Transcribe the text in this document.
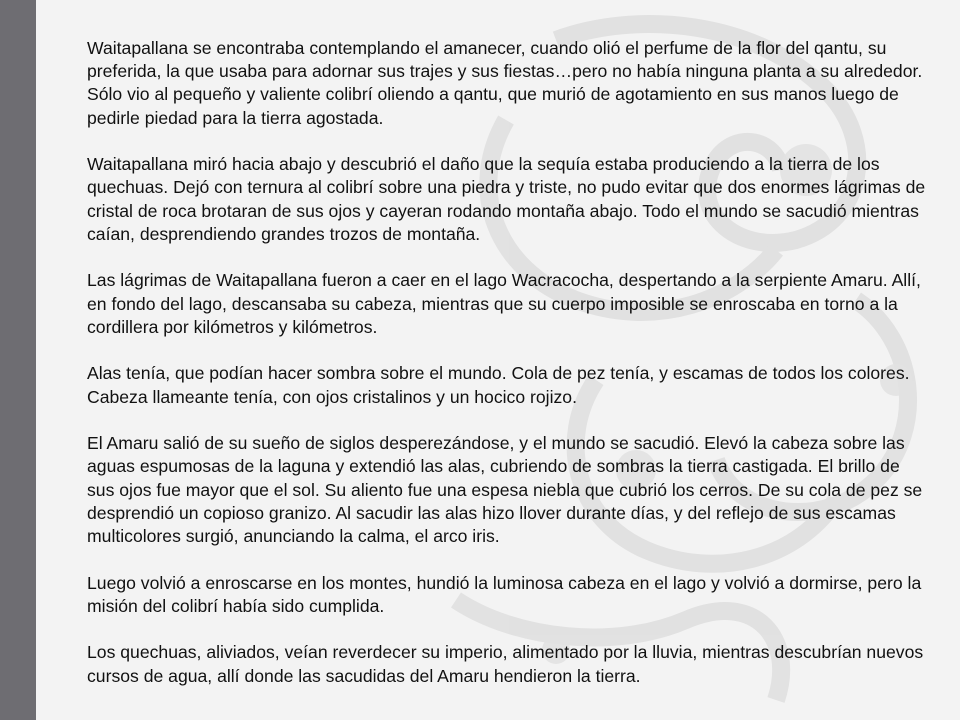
Waitapallana se encontraba contemplando el amanecer, cuando olió el perfume de la flor del qantu, su preferida, la que usaba para adornar sus trajes y sus fiestas…pero no había ninguna planta a su alrededor. Sólo vio al pequeño y valiente colibrí oliendo a qantu, que murió de agotamiento en sus manos luego de pedirle piedad para la tierra agostada.

Waitapallana miró hacia abajo y descubrió el daño que la sequía estaba produciendo a la tierra de los quechuas. Dejó con ternura al colibrí sobre una piedra y triste, no pudo evitar que dos enormes lágrimas de cristal de roca brotaran de sus ojos y cayeran rodando montaña abajo. Todo el mundo se sacudió mientras caían, desprendiendo grandes trozos de montaña.

Las lágrimas de Waitapallana fueron a caer en el lago Wacracocha, despertando a la serpiente Amaru. Allí, en fondo del lago, descansaba su cabeza, mientras que su cuerpo imposible se enroscaba en torno a la cordillera por kilómetros y kilómetros.

Alas tenía, que podían hacer sombra sobre el mundo. Cola de pez tenía, y escamas de todos los colores. Cabeza llameante tenía, con ojos cristalinos y un hocico rojizo.

El Amaru salió de su sueño de siglos desperezándose, y el mundo se sacudió. Elevó la cabeza sobre las aguas espumosas de la laguna y extendió las alas, cubriendo de sombras la tierra castigada. El brillo de sus ojos fue mayor que el sol. Su aliento fue una espesa niebla que cubrió los cerros. De su cola de pez se desprendió un copioso granizo. Al sacudir las alas hizo llover durante días, y del reflejo de sus escamas multicolores surgió, anunciando la calma, el arco iris.

Luego volvió a enroscarse en los montes, hundió la luminosa cabeza en el lago y volvió a dormirse, pero la misión del colibrí había sido cumplida.

Los quechuas, aliviados, veían reverdecer su imperio, alimentado por la lluvia, mientras descubrían nuevos cursos de agua, allí donde las sacudidas del Amaru hendieron la tierra.
